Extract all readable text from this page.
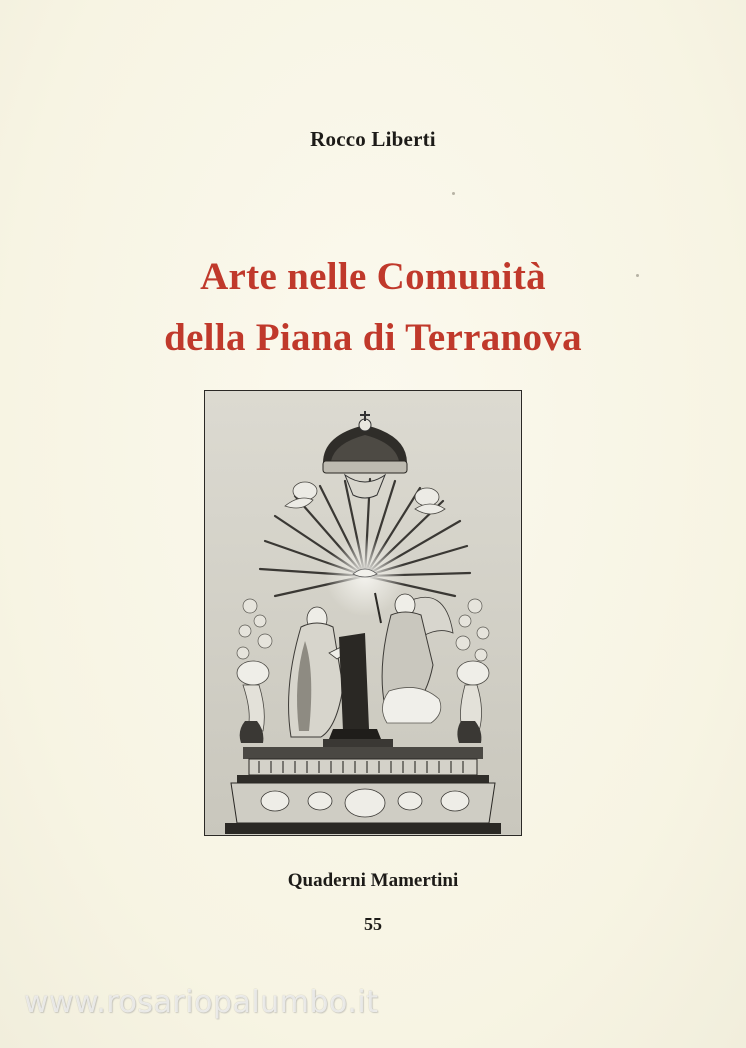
Rocco Liberti
Arte nelle Comunità
della Piana di Terranova
Quaderni Mamertini
55
www.rosariopalumbo.it
